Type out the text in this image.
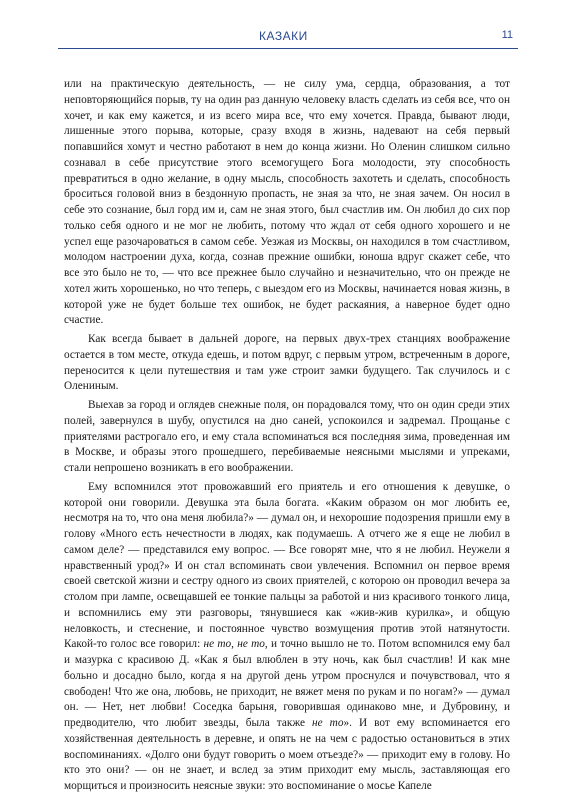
КАЗАКИ	11

или на практическую деятельность, — не силу ума, сердца, образования, а тот неповторяющийся порыв, ту на один раз данную человеку власть сделать из себя все, что он хочет, и как ему кажется, и из всего мира все, что ему хочется. Правда, бывают люди, лишенные этого порыва, которые, сразу входя в жизнь, надевают на себя первый попавшийся хомут и честно работают в нем до конца жизни. Но Оленин слишком сильно сознавал в себе присутствие этого всемогущего Бога молодости, эту способность превратиться в одно желание, в одну мысль, способность захотеть и сделать, способность броситься головой вниз в бездонную пропасть, не зная за что, не зная зачем. Он носил в себе это сознание, был горд им и, сам не зная этого, был счастлив им. Он любил до сих пор только себя одного и не мог не любить, потому что ждал от себя одного хорошего и не успел еще разочароваться в самом себе. Уезжая из Москвы, он находился в том счастливом, молодом настроении духа, когда, сознав прежние ошибки, юноша вдруг скажет себе, что все это было не то, — что все прежнее было случайно и незначительно, что он прежде не хотел жить хорошенько, но что теперь, с выездом его из Москвы, начинается новая жизнь, в которой уже не будет больше тех ошибок, не будет раскаяния, а наверное будет одно счастие.

Как всегда бывает в дальней дороге, на первых двух-трех станциях воображение остается в том месте, откуда едешь, и потом вдруг, с первым утром, встреченным в дороге, переносится к цели путешествия и там уже строит замки будущего. Так случилось и с Олениным.

Выехав за город и оглядев снежные поля, он порадовался тому, что он один среди этих полей, завернулся в шубу, опустился на дно саней, успокоился и задремал. Прощанье с приятелями растрогало его, и ему стала вспоминаться вся последняя зима, проведенная им в Москве, и образы этого прошедшего, перебиваемые неясными мыслями и упреками, стали непрошено возникать в его воображении.

Ему вспомнился этот провожавший его приятель и его отношения к девушке, о которой они говорили. Девушка эта была богата. «Каким образом он мог любить ее, несмотря на то, что она меня любила?» — думал он, и нехорошие подозрения пришли ему в голову «Много есть нечестности в людях, как подумаешь. А отчего же я еще не любил в самом деле? — представился ему вопрос. — Все говорят мне, что я не любил. Неужели я нравственный урод?» И он стал вспоминать свои увлечения. Вспомнил он первое время своей светской жизни и сестру одного из своих приятелей, с которою он проводил вечера за столом при лампе, освещавшей ее тонкие пальцы за работой и низ красивого тонкого лица, и вспомнились ему эти разговоры, тянувшиеся как «жив-жив курилка», и общую неловкость, и стеснение, и постоянное чувство возмущения против этой натянутости. Какой-то голос все говорил: не то, не то, и точно вышло не то. Потом вспомнился ему бал и мазурка с красивою Д. «Как я был влюблен в эту ночь, как был счастлив! И как мне больно и досадно было, когда я на другой день утром проснулся и почувствовал, что я свободен! Что же она, любовь, не приходит, не вяжет меня по рукам и по ногам?» — думал он. — Нет, нет любви! Соседка барыня, говорившая одинаково мне, и Дубровину, и предводителю, что любит звезды, была также не то». И вот ему вспоминается его хозяйственная деятельность в деревне, и опять не на чем с радостью остановиться в этих воспоминаниях. «Долго они будут говорить о моем отъезде?» — приходит ему в голову. Но кто это они? — он не знает, и вслед за этим приходит ему мысль, заставляющая его морщиться и произносить неясные звуки: это воспоминание о мосье Капеле
